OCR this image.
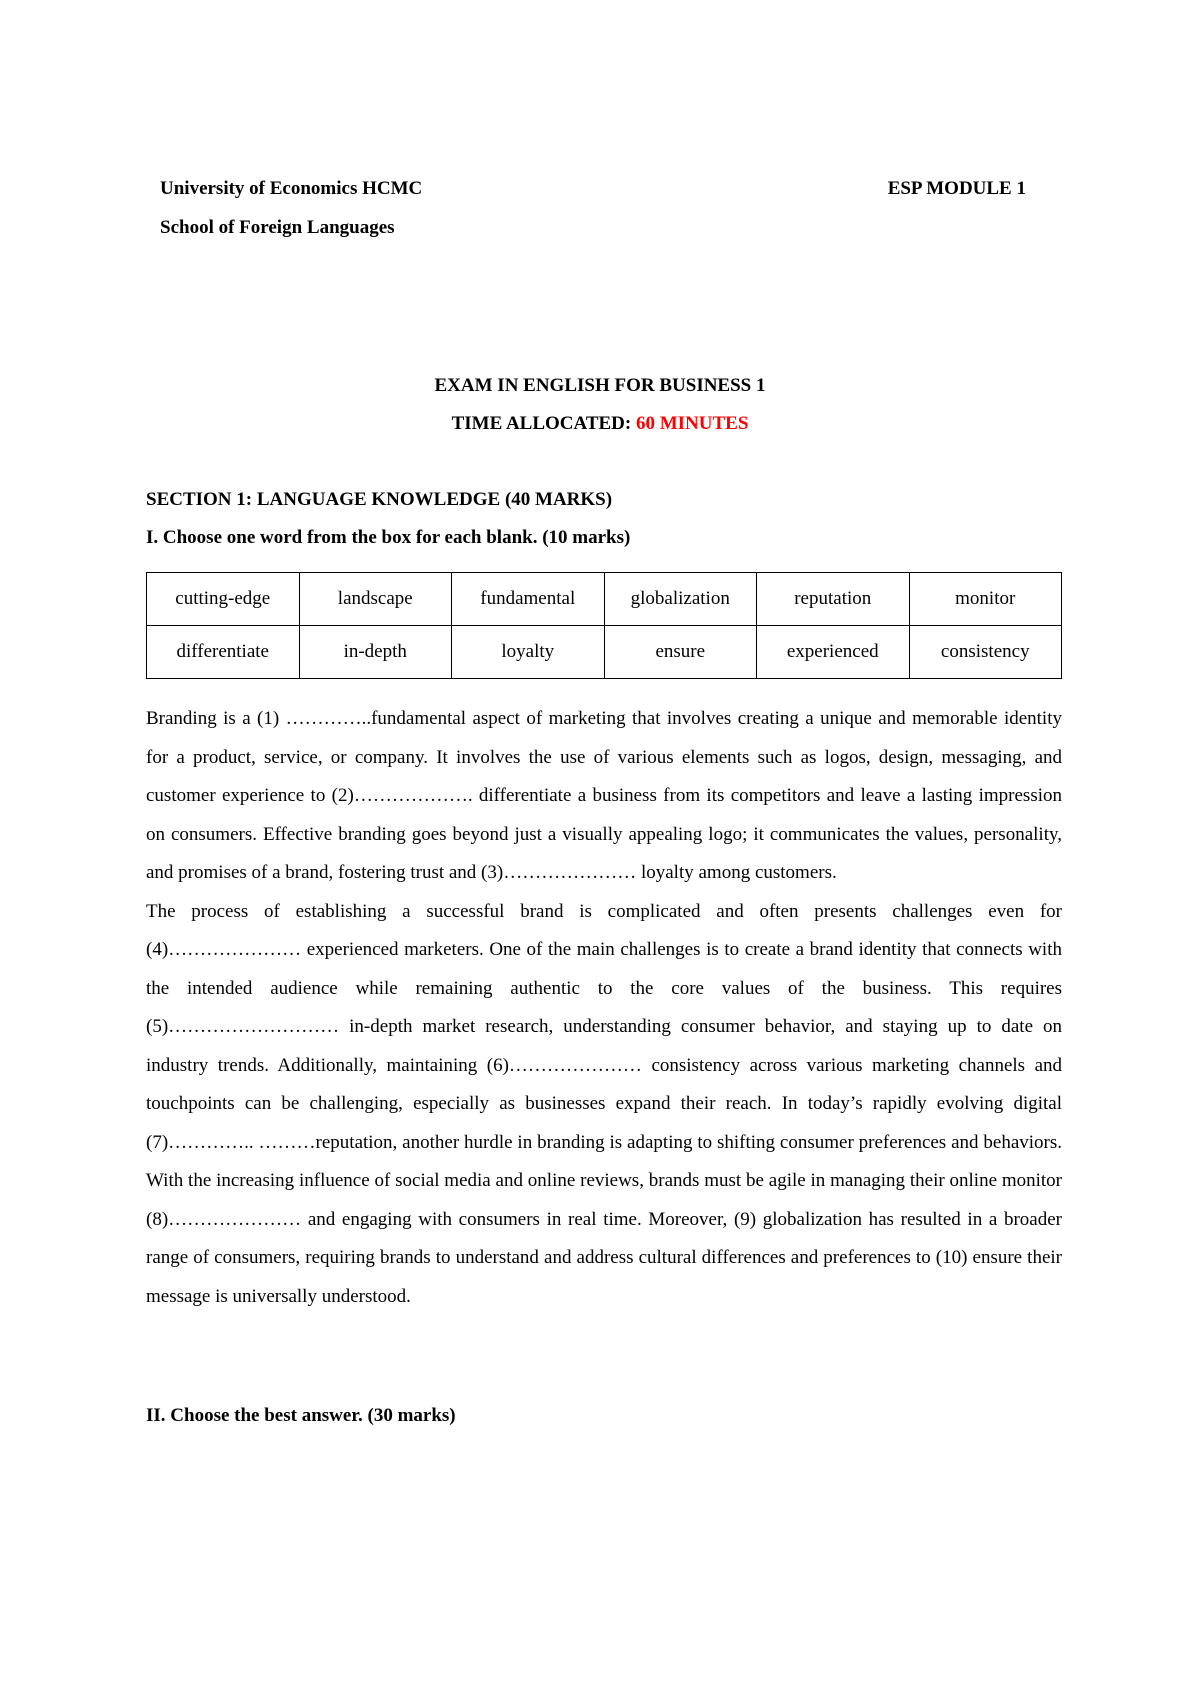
University of Economics HCMC	ESP MODULE 1
School of Foreign Languages
EXAM IN ENGLISH FOR BUSINESS 1
TIME ALLOCATED: 60 MINUTES
SECTION 1: LANGUAGE KNOWLEDGE (40 MARKS)
I. Choose one word from the box for each blank. (10 marks)
cutting-edge	landscape	fundamental	globalization	reputation	monitor
differentiate	in-depth	loyalty	ensure	experienced	consistency

Branding is a (1) …………..fundamental aspect of marketing that involves creating a unique and memorable identity for a product, service, or company. It involves the use of various elements such as logos, design, messaging, and customer experience to (2)………………. differentiate a business from its competitors and leave a lasting impression on consumers. Effective branding goes beyond just a visually appealing logo; it communicates the values, personality, and promises of a brand, fostering trust and (3)………………… loyalty among customers.

The process of establishing a successful brand is complicated and often presents challenges even for (4)………………… experienced marketers. One of the main challenges is to create a brand identity that connects with the intended audience while remaining authentic to the core values of the business. This requires (5)……………………… in-depth market research, understanding consumer behavior, and staying up to date on industry trends. Additionally, maintaining (6)………………… consistency across various marketing channels and touchpoints can be challenging, especially as businesses expand their reach. In today’s rapidly evolving digital (7)………….. ………reputation, another hurdle in branding is adapting to shifting consumer preferences and behaviors. With the increasing influence of social media and online reviews, brands must be agile in managing their online monitor (8)………………… and engaging with consumers in real time. Moreover, (9) globalization has resulted in a broader range of consumers, requiring brands to understand and address cultural differences and preferences to (10) ensure their message is universally understood.

II. Choose the best answer. (30 marks)
